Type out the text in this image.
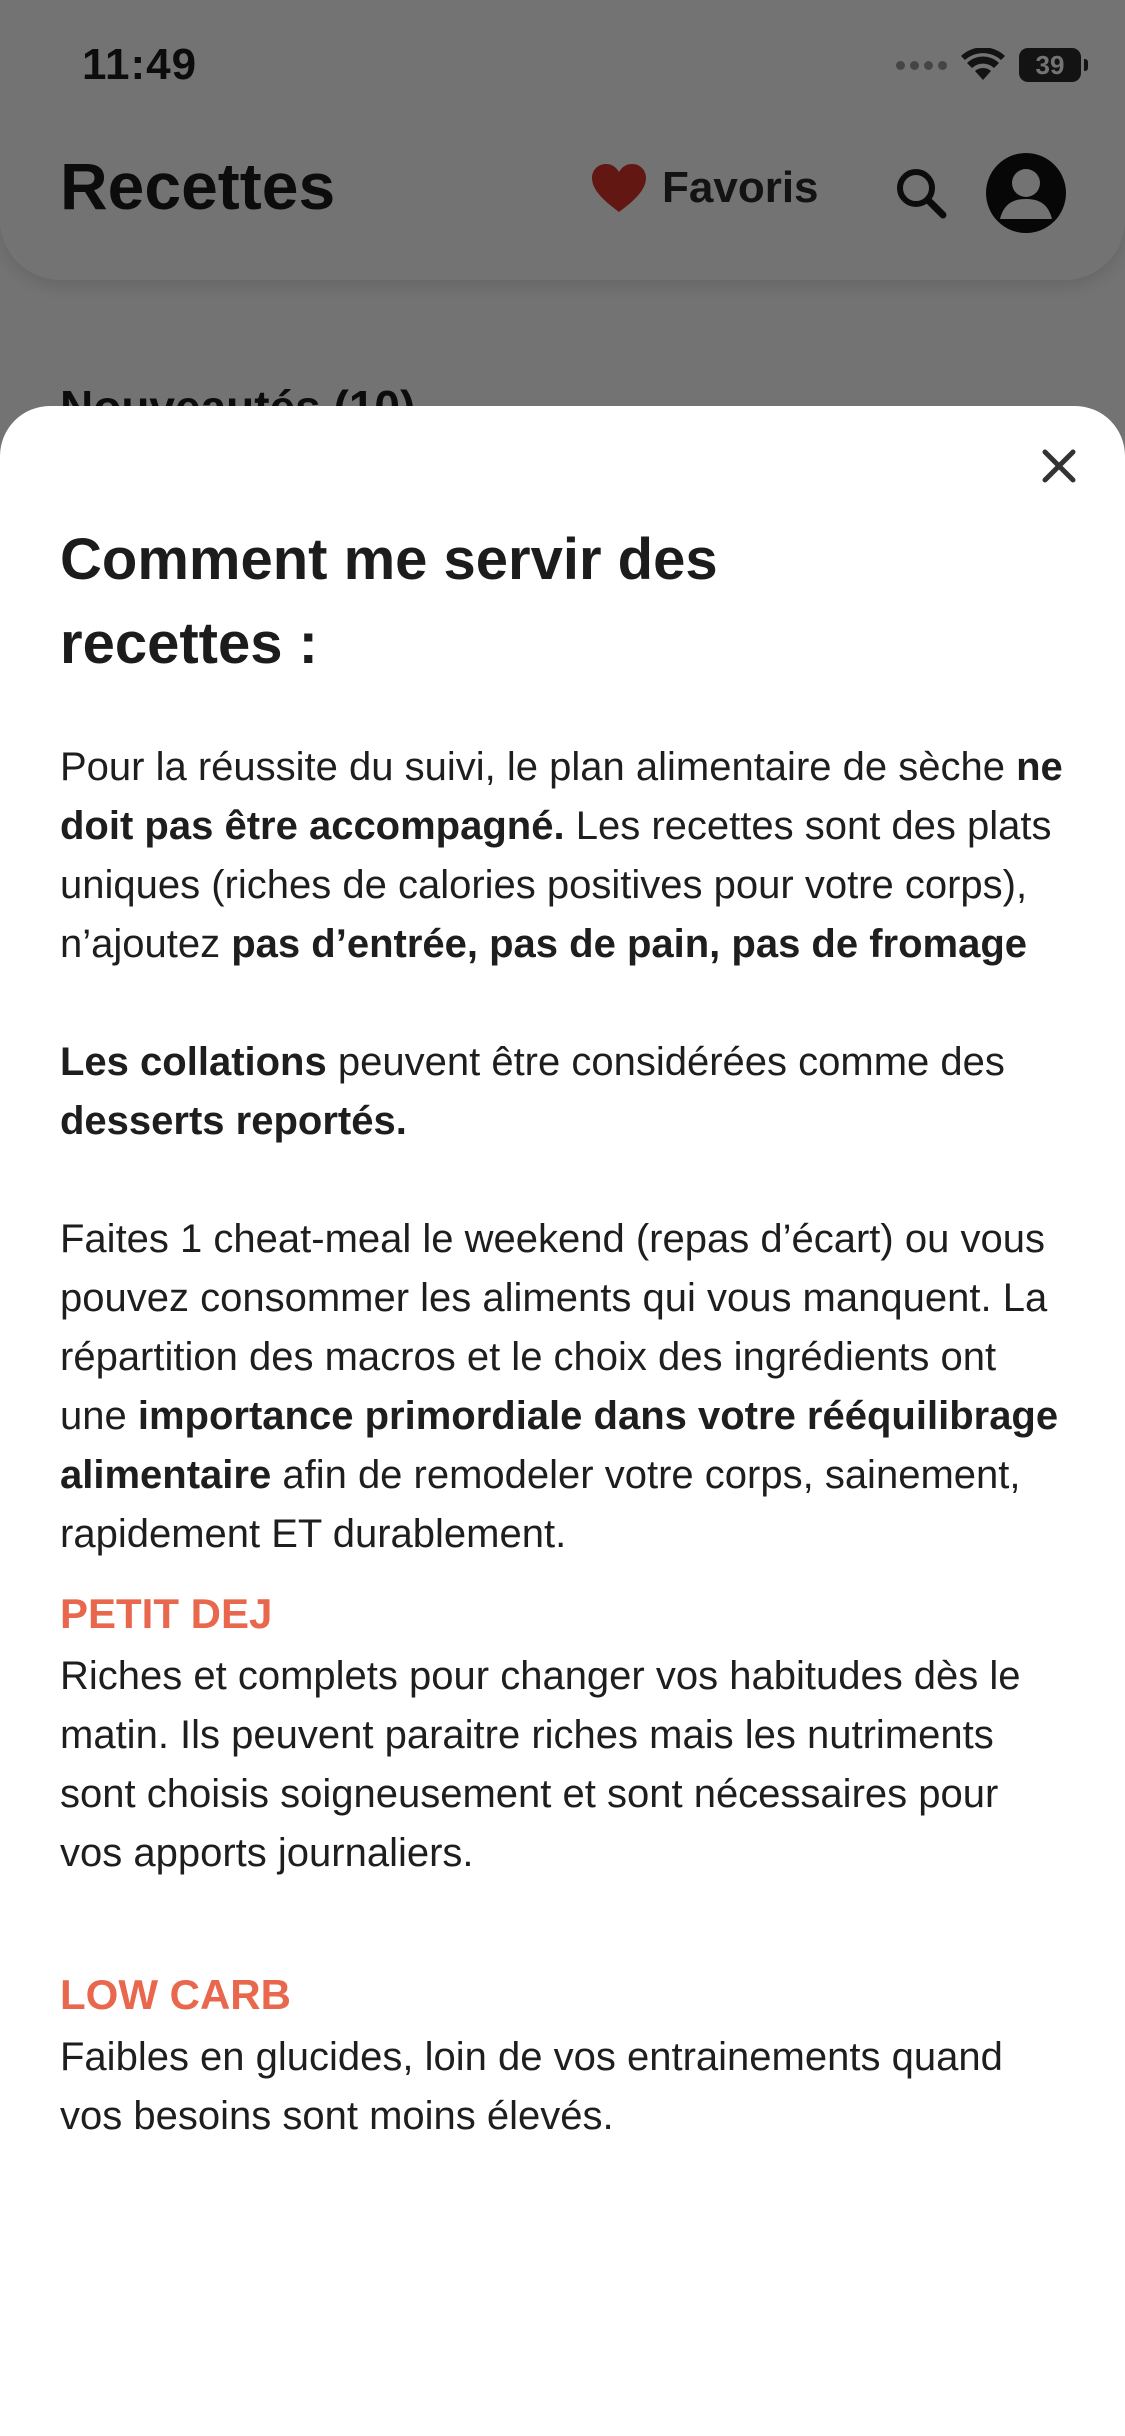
Comment me servir des recettes :

Pour la réussite du suivi, le plan alimentaire de sèche ne doit pas être accompagné. Les recettes sont des plats uniques (riches de calories positives pour votre corps), n’ajoutez pas d’entrée, pas de pain, pas de fromage

Les collations peuvent être considérées comme des desserts reportés.

Faites 1 cheat-meal le weekend (repas d’écart) ou vous pouvez consommer les aliments qui vous manquent. La répartition des macros et le choix des ingrédients ont une importance primordiale dans votre rééquilibrage alimentaire afin de remodeler votre corps, sainement, rapidement ET durablement.

PETIT DEJ

Riches et complets pour changer vos habitudes dès le matin. Ils peuvent paraitre riches mais les nutriments sont choisis soigneusement et sont nécessaires pour vos apports journaliers.

LOW CARB

Faibles en glucides, loin de vos entrainements quand vos besoins sont moins élevés.
